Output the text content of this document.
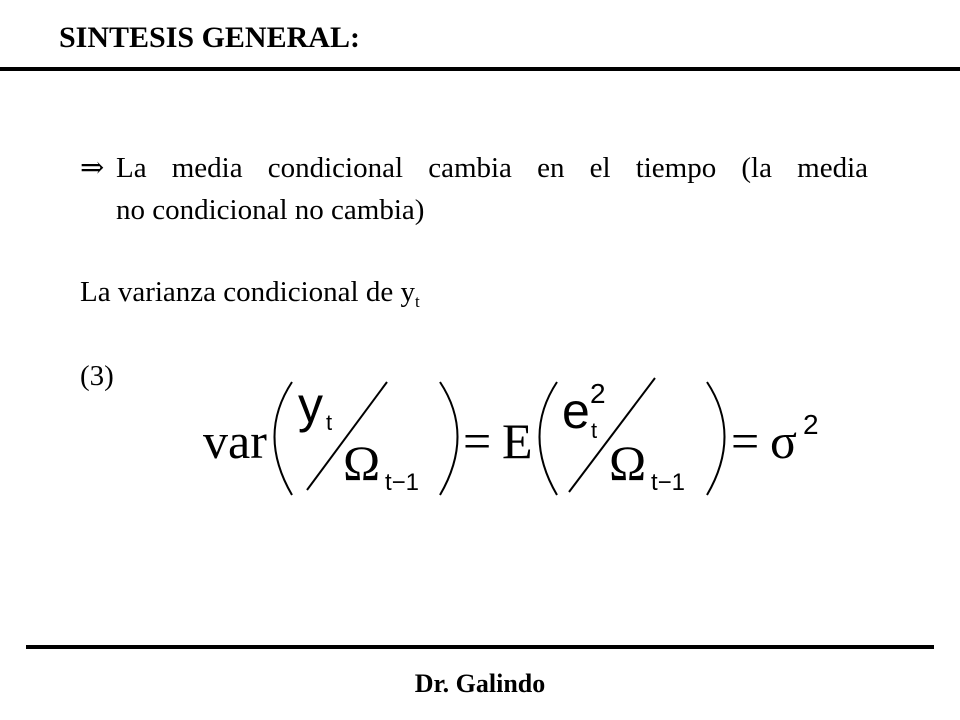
SINTESIS GENERAL:
⇒ La media condicional cambia en el tiempo (la media
no condicional no cambia)
La varianza condicional de $y_t$
(3)
var
y t
Ω t−1
= E
e 2
t
Ω t−1
= σ 2
Dr. Galindo
